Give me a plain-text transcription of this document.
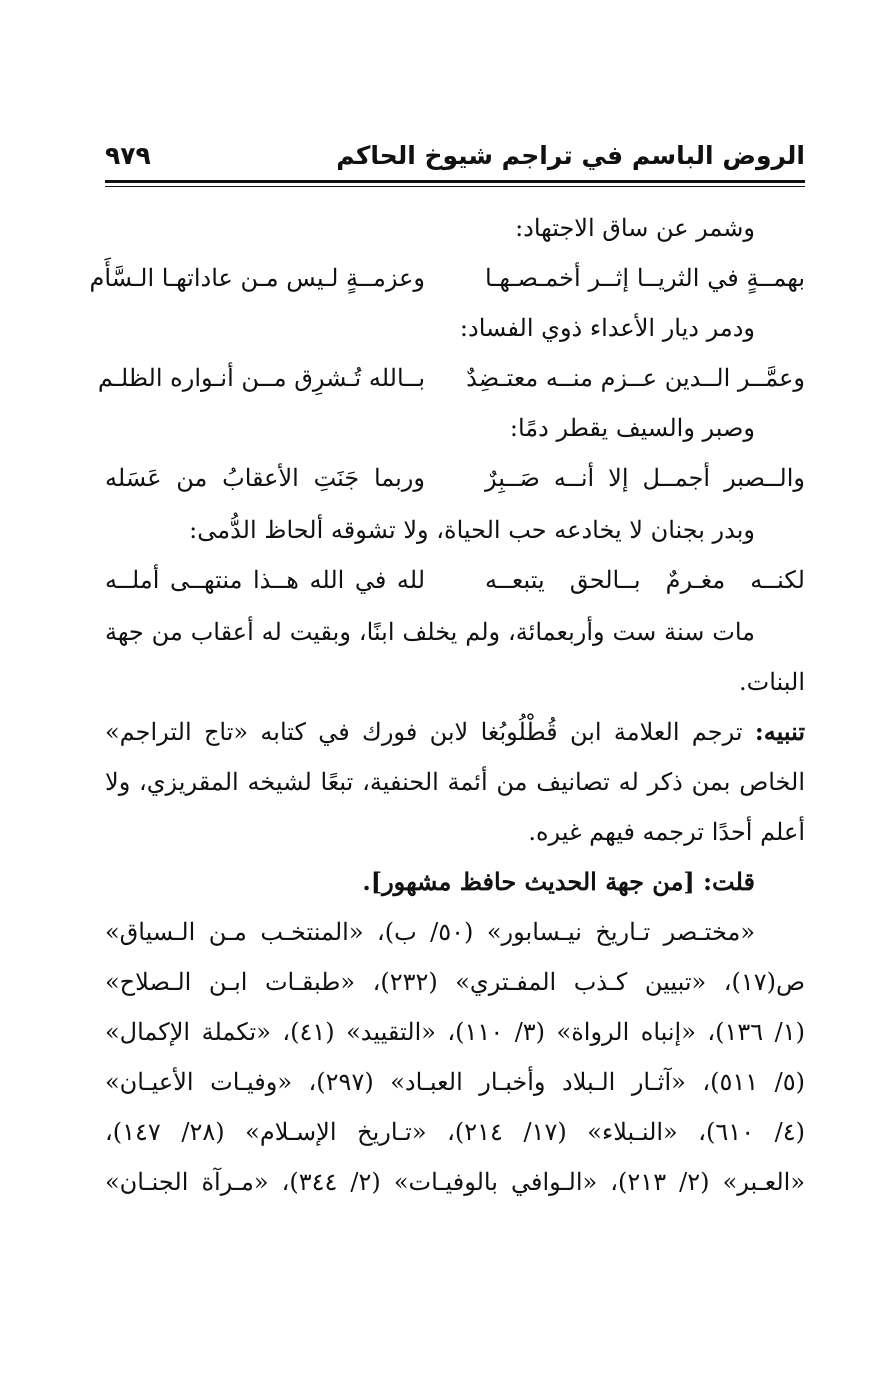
الروض الباسم في تراجم شيوخ الحاكم
٩٧٩
وشمر عن ساق الاجتهاد:
بهمــةٍ في الثريــا إثــر أخمـصـهـا
وعزمــةٍ لـيس مـن عاداتهـا الـسَّأَم
ودمر ديار الأعداء ذوي الفساد:
وعمَّــر الــدين عــزم منــه معتـضِدٌ
بــالله تُـشرِق مــن أنـواره الظلـم
وصبر والسيف يقطر دمًا:
والــصبر أجمــل إلا أنــه صَــبِرٌ
وربما جَنَتِ الأعقابُ من عَسَله
وبدر بجنان لا يخادعه حب الحياة، ولا تشوقه ألحاظ الدُّمى:
لكنــه مغـرمٌ بــالحق يتبعــه
لله في الله هــذا منتهــى أملــه
مات سنة ست وأربعمائة، ولم يخلف ابنًا، وبقيت له أعقاب من جهة
البنات.
تنبيه: ترجم العلامة ابن قُطْلُوبُغا لابن فورك في كتابه «تاج التراجم»
الخاص بمن ذكر له تصانيف من أئمة الحنفية، تبعًا لشيخه المقريزي، ولا
أعلم أحدًا ترجمه فيهم غيره.
قلت: [من جهة الحديث حافظ مشهور].
«مختـصر تـاريخ نيـسابور» (٥٠/ ب)، «المنتخـب مـن الـسياق»
ص(١٧)، «تبيين كـذب المفـتري» (٢٣٢)، «طبقـات ابـن الـصلاح»
(١/ ١٣٦)، «إنباه الرواة» (٣/ ١١٠)، «التقييد» (٤١)، «تكملة الإكمال»
(٥/ ٥١١)، «آثـار الـبلاد وأخبـار العبـاد» (٢٩٧)، «وفيـات الأعيـان»
(٤/ ٦١٠)، «النـبلاء» (١٧/ ٢١٤)، «تـاريخ الإسـلام» (٢٨/ ١٤٧)،
«العـبر» (٢/ ٢١٣)، «الـوافي بالوفيـات» (٢/ ٣٤٤)، «مـرآة الجنـان»
